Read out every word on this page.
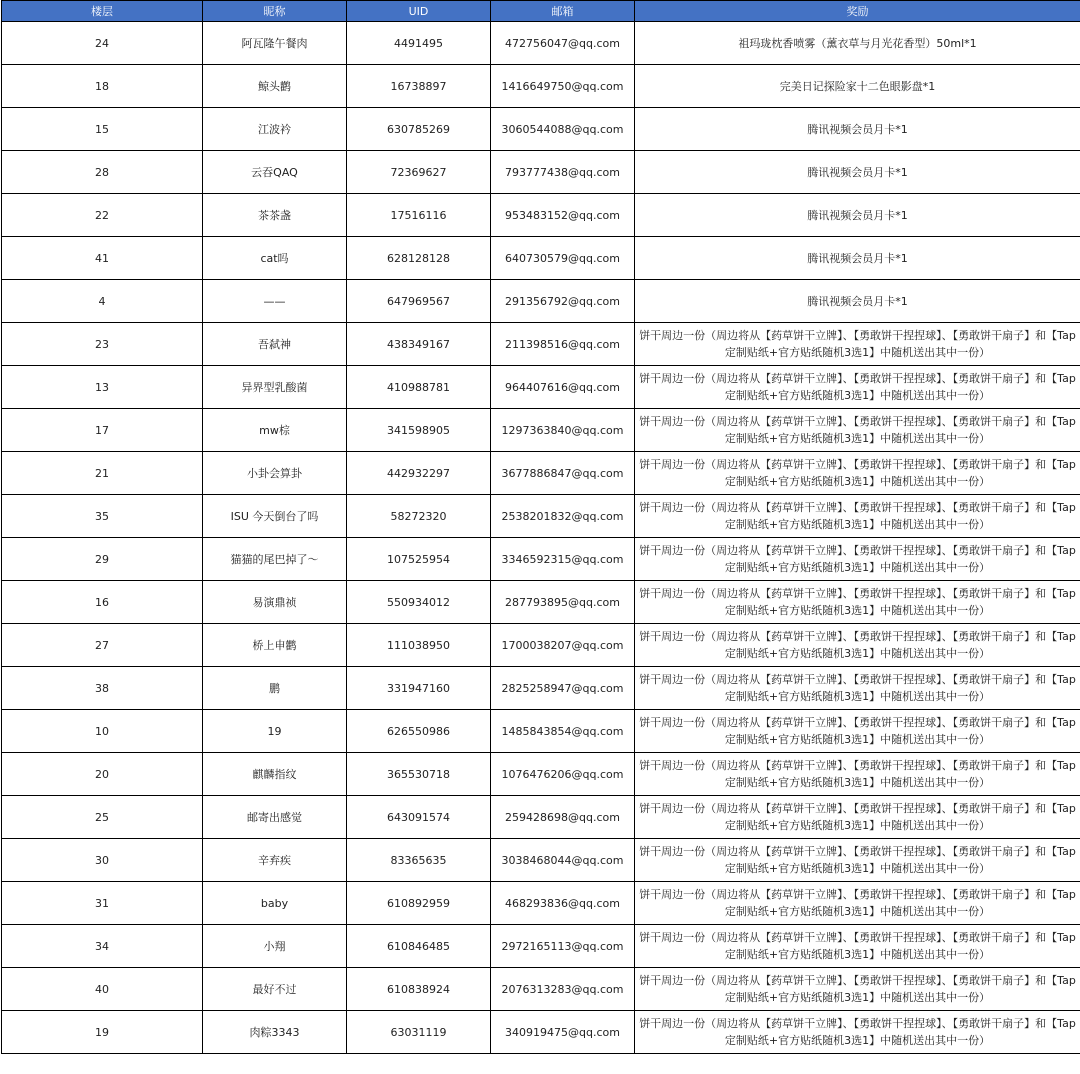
楼层	昵称	UID	邮箱	奖励
24	阿瓦隆午餐肉	4491495	472756047@qq.com	祖玛珑枕香喷雾（薰衣草与月光花香型）50ml*1
18	鲸头鹳	16738897	1416649750@qq.com	完美日记探险家十二色眼影盘*1
15	江波衿	630785269	3060544088@qq.com	腾讯视频会员月卡*1
28	云吞QAQ	72369627	793777438@qq.com	腾讯视频会员月卡*1
22	茶茶盏	17516116	953483152@qq.com	腾讯视频会员月卡*1
41	cat吗	628128128	640730579@qq.com	腾讯视频会员月卡*1
4	——	647969567	291356792@qq.com	腾讯视频会员月卡*1
23	吾弑神	438349167	211398516@qq.com	饼干周边一份（周边将从【药草饼干立牌】、【勇敢饼干捏捏球】、【勇敢饼干扇子】和【Tap定制贴纸+官方贴纸随机3选1】中随机送出其中一份）
13	异界型乳酸菌	410988781	964407616@qq.com	饼干周边一份（周边将从【药草饼干立牌】、【勇敢饼干捏捏球】、【勇敢饼干扇子】和【Tap定制贴纸+官方贴纸随机3选1】中随机送出其中一份）
17	mw棕	341598905	1297363840@qq.com	饼干周边一份（周边将从【药草饼干立牌】、【勇敢饼干捏捏球】、【勇敢饼干扇子】和【Tap定制贴纸+官方贴纸随机3选1】中随机送出其中一份）
21	小卦会算卦	442932297	3677886847@qq.com	饼干周边一份（周边将从【药草饼干立牌】、【勇敢饼干捏捏球】、【勇敢饼干扇子】和【Tap定制贴纸+官方贴纸随机3选1】中随机送出其中一份）
35	ISU 今天倒台了吗	58272320	2538201832@qq.com	饼干周边一份（周边将从【药草饼干立牌】、【勇敢饼干捏捏球】、【勇敢饼干扇子】和【Tap定制贴纸+官方贴纸随机3选1】中随机送出其中一份）
29	猫猫的尾巴掉了～	107525954	3346592315@qq.com	饼干周边一份（周边将从【药草饼干立牌】、【勇敢饼干捏捏球】、【勇敢饼干扇子】和【Tap定制贴纸+官方贴纸随机3选1】中随机送出其中一份）
16	易演鼎祯	550934012	287793895@qq.com	饼干周边一份（周边将从【药草饼干立牌】、【勇敢饼干捏捏球】、【勇敢饼干扇子】和【Tap定制贴纸+官方贴纸随机3选1】中随机送出其中一份）
27	桥上申鹳	111038950	1700038207@qq.com	饼干周边一份（周边将从【药草饼干立牌】、【勇敢饼干捏捏球】、【勇敢饼干扇子】和【Tap定制贴纸+官方贴纸随机3选1】中随机送出其中一份）
38	鹏	331947160	2825258947@qq.com	饼干周边一份（周边将从【药草饼干立牌】、【勇敢饼干捏捏球】、【勇敢饼干扇子】和【Tap定制贴纸+官方贴纸随机3选1】中随机送出其中一份）
10	19	626550986	1485843854@qq.com	饼干周边一份（周边将从【药草饼干立牌】、【勇敢饼干捏捏球】、【勇敢饼干扇子】和【Tap定制贴纸+官方贴纸随机3选1】中随机送出其中一份）
20	麒麟指纹	365530718	1076476206@qq.com	饼干周边一份（周边将从【药草饼干立牌】、【勇敢饼干捏捏球】、【勇敢饼干扇子】和【Tap定制贴纸+官方贴纸随机3选1】中随机送出其中一份）
25	邮寄出感觉	643091574	259428698@qq.com	饼干周边一份（周边将从【药草饼干立牌】、【勇敢饼干捏捏球】、【勇敢饼干扇子】和【Tap定制贴纸+官方贴纸随机3选1】中随机送出其中一份）
30	辛弃疾	83365635	3038468044@qq.com	饼干周边一份（周边将从【药草饼干立牌】、【勇敢饼干捏捏球】、【勇敢饼干扇子】和【Tap定制贴纸+官方贴纸随机3选1】中随机送出其中一份）
31	baby	610892959	468293836@qq.com	饼干周边一份（周边将从【药草饼干立牌】、【勇敢饼干捏捏球】、【勇敢饼干扇子】和【Tap定制贴纸+官方贴纸随机3选1】中随机送出其中一份）
34	小翔	610846485	2972165113@qq.com	饼干周边一份（周边将从【药草饼干立牌】、【勇敢饼干捏捏球】、【勇敢饼干扇子】和【Tap定制贴纸+官方贴纸随机3选1】中随机送出其中一份）
40	最好不过	610838924	2076313283@qq.com	饼干周边一份（周边将从【药草饼干立牌】、【勇敢饼干捏捏球】、【勇敢饼干扇子】和【Tap定制贴纸+官方贴纸随机3选1】中随机送出其中一份）
19	肉粽3343	63031119	340919475@qq.com	饼干周边一份（周边将从【药草饼干立牌】、【勇敢饼干捏捏球】、【勇敢饼干扇子】和【Tap定制贴纸+官方贴纸随机3选1】中随机送出其中一份）
